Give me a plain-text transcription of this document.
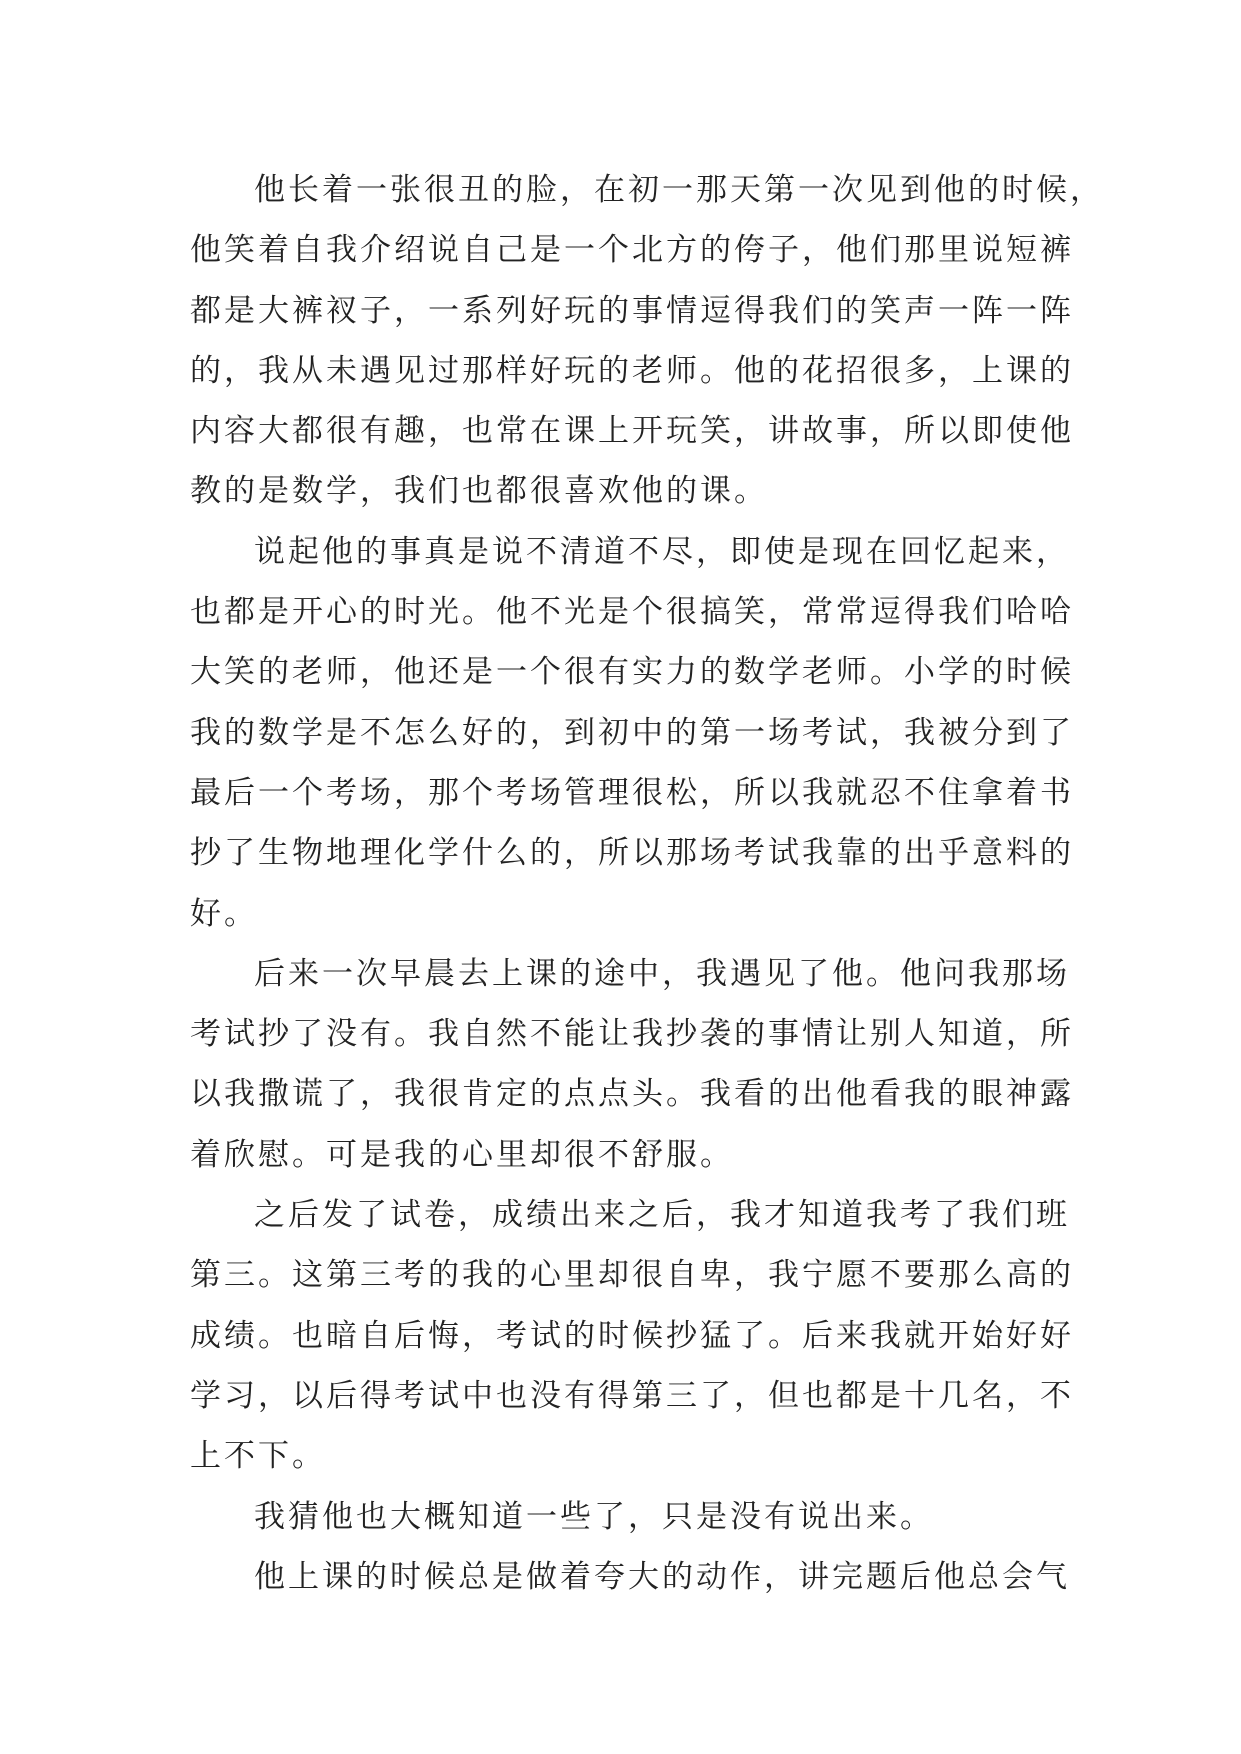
他长着一张很丑的脸，在初一那天第一次见到他的时候，
他笑着自我介绍说自己是一个北方的侉子，他们那里说短裤
都是大裤衩子，一系列好玩的事情逗得我们的笑声一阵一阵
的，我从未遇见过那样好玩的老师。他的花招很多，上课的
内容大都很有趣，也常在课上开玩笑，讲故事，所以即使他
教的是数学，我们也都很喜欢他的课。
说起他的事真是说不清道不尽，即使是现在回忆起来，
也都是开心的时光。他不光是个很搞笑，常常逗得我们哈哈
大笑的老师，他还是一个很有实力的数学老师。小学的时候
我的数学是不怎么好的，到初中的第一场考试，我被分到了
最后一个考场，那个考场管理很松，所以我就忍不住拿着书
抄了生物地理化学什么的，所以那场考试我靠的出乎意料的
好。
后来一次早晨去上课的途中，我遇见了他。他问我那场
考试抄了没有。我自然不能让我抄袭的事情让别人知道，所
以我撒谎了，我很肯定的点点头。我看的出他看我的眼神露
着欣慰。可是我的心里却很不舒服。
之后发了试卷，成绩出来之后，我才知道我考了我们班
第三。这第三考的我的心里却很自卑，我宁愿不要那么高的
成绩。也暗自后悔，考试的时候抄猛了。后来我就开始好好
学习，以后得考试中也没有得第三了，但也都是十几名，不
上不下。
我猜他也大概知道一些了，只是没有说出来。
他上课的时候总是做着夸大的动作，讲完题后他总会气
